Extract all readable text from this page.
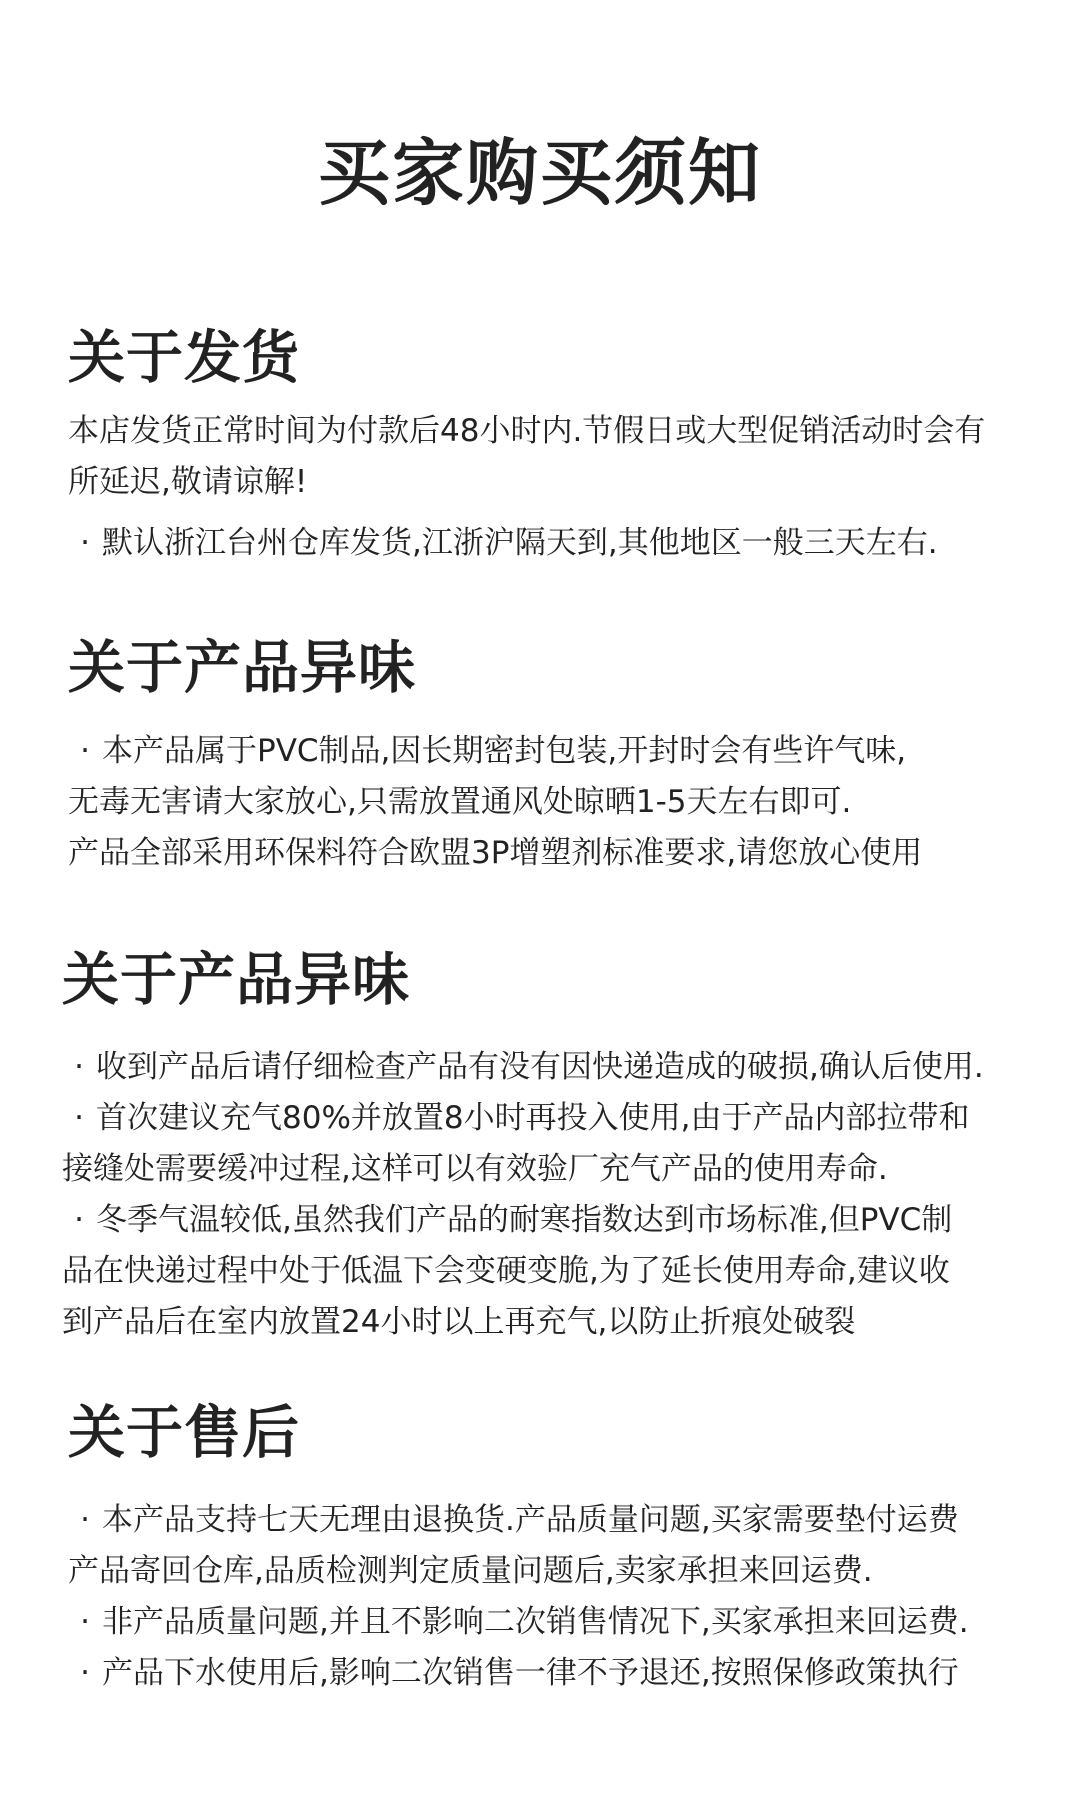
买家购买须知
关于发货

本店发货正常时间为付款后48小时内.节假日或大型促销活动时会有

所延迟,敬请谅解!

· 默认浙江台州仓库发货,江浙沪隔天到,其他地区一般三天左右.

关于产品异味

· 本产品属于PVC制品,因长期密封包装,开封时会有些许气味,

无毒无害请大家放心,只需放置通风处晾晒1-5天左右即可.

产品全部采用环保料符合欧盟3P增塑剂标准要求,请您放心使用

关于产品异味

· 收到产品后请仔细检查产品有没有因快递造成的破损,确认后使用.

· 首次建议充气80%并放置8小时再投入使用,由于产品内部拉带和

接缝处需要缓冲过程,这样可以有效验厂充气产品的使用寿命.

· 冬季气温较低,虽然我们产品的耐寒指数达到市场标准,但PVC制

品在快递过程中处于低温下会变硬变脆,为了延长使用寿命,建议收

到产品后在室内放置24小时以上再充气,以防止折痕处破裂

关于售后

· 本产品支持七天无理由退换货.产品质量问题,买家需要垫付运费

产品寄回仓库,品质检测判定质量问题后,卖家承担来回运费.

· 非产品质量问题,并且不影响二次销售情况下,买家承担来回运费.

· 产品下水使用后,影响二次销售一律不予退还,按照保修政策执行
